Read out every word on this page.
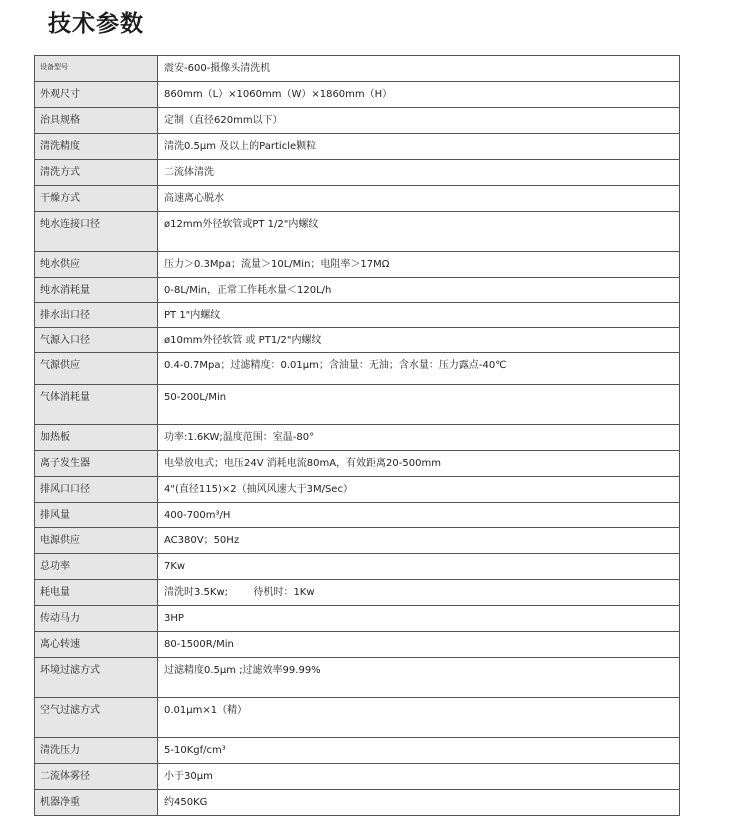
技术参数
设备型号	震安-600-摄像头清洗机
外观尺寸	860mm（L）×1060mm（W）×1860mm（H）
治具规格	定制（直径620mm以下）
清洗精度	清洗0.5μm 及以上的Particle颗粒
清洗方式	二流体清洗
干燥方式	高速离心脱水
纯水连接口径	ø12mm外径软管或PT 1/2"内螺纹
纯水供应	压力＞0.3Mpa；流量＞10L/Min；电阻率＞17MΩ
纯水消耗量	0-8L/Min，正常工作耗水量＜120L/h
排水出口径	PT 1"内螺纹
气源入口径	ø10mm外径软管 或 PT1/2"内螺纹
气源供应	0.4-0.7Mpa；过滤精度：0.01μm；含油量：无油；含水量：压力露点-40℃
气体消耗量	50-200L/Min
加热板	功率:1.6KW;温度范围：室温-80°
离子发生器	电晕放电式；电压24V 消耗电流80mA，有效距离20-500mm
排风口口径	4"(直径115)×2（抽风风速大于3M/Sec）
排风量	400-700m³/H
电源供应	AC380V；50Hz
总功率	7Kw
耗电量	清洗时3.5Kw;        待机时：1Kw
传动马力	3HP
离心转速	80-1500R/Min
环境过滤方式	过滤精度0.5μm ;过滤效率99.99%
空气过滤方式	0.01μm×1（精）
清洗压力	5-10Kgf/cm³
二流体雾径	小于30μm
机器净重	约450KG
